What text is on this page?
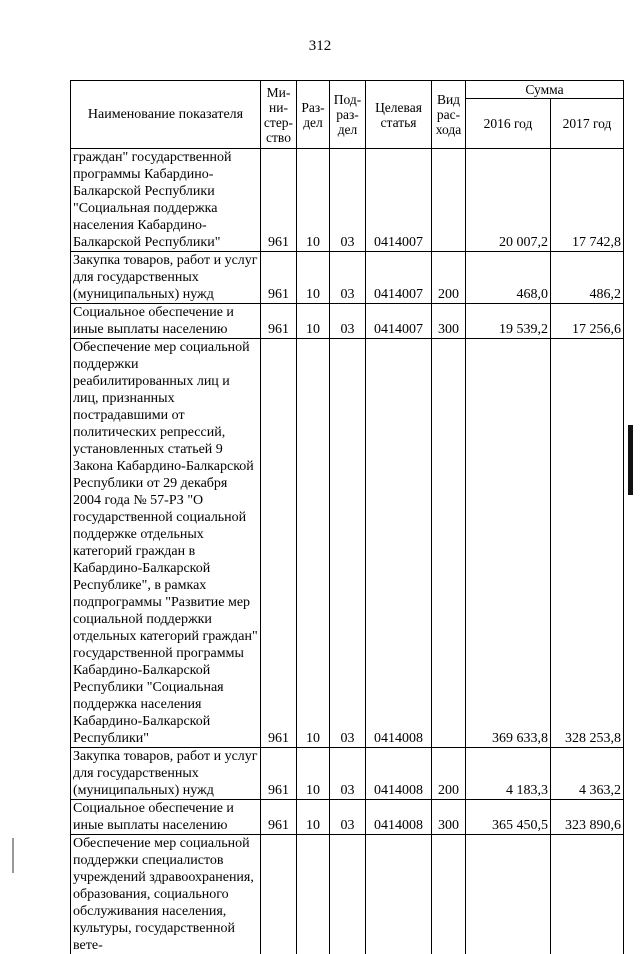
312
Наименование показателя	Ми-ни-стер-ство	Раз-дел	Под-раз-дел	Целевая статья	Вид рас-хода	Сумма	
						2016 год	2017 год
граждан" государственной программы Кабардино-Балкарской Республики "Социальная поддержка населения Кабардино-Балкарской Республики"	961	10	03	0414007		20 007,2	17 742,8
Закупка товаров, работ и услуг для государственных (муниципальных) нужд	961	10	03	0414007	200	468,0	486,2
Социальное обеспечение и иные выплаты населению	961	10	03	0414007	300	19 539,2	17 256,6
Обеспечение мер социальной поддержки реабилитированных лиц и лиц, признанных пострадавшими от политических репрессий, установленных статьей 9 Закона Кабардино-Балкарской Республики от 29 декабря 2004 года № 57-РЗ "О государственной социальной поддержке отдельных категорий граждан в Кабардино-Балкарской Республике", в рамках подпрограммы "Развитие мер социальной поддержки отдельных категорий граждан" государственной программы Кабардино-Балкарской Республики "Социальная поддержка населения Кабардино-Балкарской Республики"	961	10	03	0414008		369 633,8	328 253,8
Закупка товаров, работ и услуг для государственных (муниципальных) нужд	961	10	03	0414008	200	4 183,3	4 363,2
Социальное обеспечение и иные выплаты населению	961	10	03	0414008	300	365 450,5	323 890,6
Обеспечение мер социальной поддержки специалистов учреждений здравоохранения, образования, социального обслуживания населения, культуры, государственной вете-							
